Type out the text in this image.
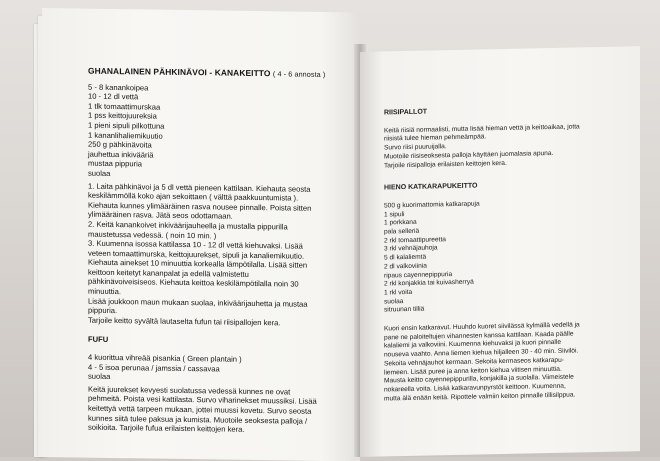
GHANALAINEN PÄHKINÄVOI - KANAKEITTO ( 4 - 6 annosta )
5 - 8 kanankoipea
10 - 12 dl vettä
1 tlk tomaattimurskaa
1 pss keittojuureksia
1 pieni sipuli pilkottuna
1 kananlihaliemikuutio
250 g pähkinävoita
jauhettua inkivääriä
mustaa pippuria
suolaa
1. Laita pähkinävoi ja 5 dl vettä pieneen kattilaan. Kiehauta seosta
keskilämmöllä koko ajan sekoittaen ( välttä paakkuuntumista ).
Kiehauta kunnes ylimääräinen rasva nousee pinnalle. Poista sitten
ylimääräinen rasva. Jätä seos odottamaan.
2. Keitä kanankoivet inkiväärijauheella ja mustalla pippurilla
maustetussa vedessä. ( noin 10 min. )
3. Kuumenna isossa kattilassa 10 - 12 dl vettä kiehuvaksi. Lisää
veteen tomaattimurska, keittojuurekset, sipuli ja kanaliemikuutio.
Kiehauta ainekset 10 minuuttia korkealla lämpötilalla. Lisää sitten
keittoon keitetyt kananpalat ja edellä valmistettu
pähkinävoiveisiseos. Kiehauta keittoa keskilämpötilalla noin 30
minuuttia.
Lisää joukkoon maun mukaan suolaa, inkiväärijauhetta ja mustaa
pippuria.
Tarjoile keitto syvältä lautaselta fufun tai riisipallojen kera.
FUFU
4 kuorittua vihreää pisankia ( Green plantain )
4 - 5 isoa perunaa / jamssia / cassavaa
suolaa
Keitä juurekset kevyesti suolatussa vedessä kunnes ne ovat
pehmeitä. Poista vesi kattilasta. Survo viharinekset muussiksi. Lisää
keitettyä vettä tarpeen mukaan, jottei muussi kovetu. Survo seosta
kunnes siitä tulee paksua ja kumista. Muotoile seoksesta palloja /
soikioita. Tarjoile fufua erilaisten keittojen kera.
RIISIPALLOT
Keitä riisiä normaalisti, mutta lisää hieman vettä ja keittoaikaa, jotta
riisistä tulee hieman pehmeämpää.
Survo riisi puuruijalla.
Muotoile riisiseoksesta palloja käyttäen juomalasia apuna.
Tarjoile riisipalloja erilaisten keittojen kera.
HIENO KATKARAPUKEITTO
500 g kuorimattomia katkarapuja
1 sipuli
1 porkkana
pala selleriä
2 rkl tomaattipureetta
3 rkl vehnäjauhoja
5 dl kalaliemtä
2 dl valkoviinia
ripaus cayennepippuria
2 rkl konjakkia tai kuivasherryä
1 rkl voita
suolaa
sitruunan tilliä
Kuori ensin katkaravut. Huuhdo kuoret siivilässä kylmällä vedellä ja
pane ne paloiteltujen vihannesten kanssa kattilaan. Kaada päälle
kalaliemi ja valkoviini. Kuumenna kiehuvaksi ja kuori pinnalle
nouseva vaahto. Anna liemen kiehua hiljalleen 30 - 40 min. Siivilöi.
Sekoita vehnäjauhot kermaan. Sekoita kermaseos katkarapu-
liemeen. Lisää puree ja anna keiton kiehua viitisen minuuttia.
Mausta keitto cayennepippurilla, konjakilla ja suolalla. Viimeistele
nokareella voita. Lisää katkaravunpyrstöt keittoon. Kuumenna,
mutta älä enään keitä. Ripottele valmiin keiton pinnalle tillisilppua.
